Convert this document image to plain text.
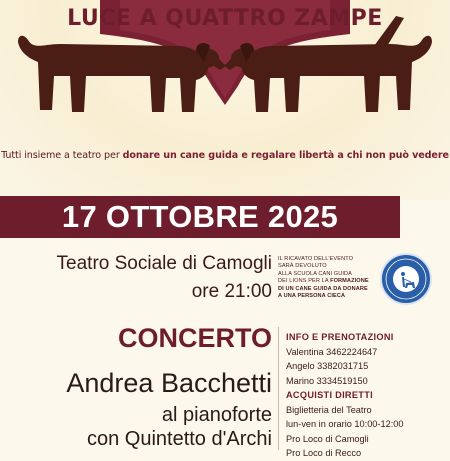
LUCE A QUATTRO ZAMPE
Tutti insieme a teatro per donare un cane guida e regalare libertà a chi non può vedere
17 OTTOBRE 2025
Teatro Sociale di Camogli
ore 21:00
IL RICAVATO DELL'EVENTO
SARÀ DEVOLUTO
ALLA SCUOLA CANI GUIDA
DEI LIONS PER LA FORMAZIONE
DI UN CANE GUIDA DA DONARE
A UNA PERSONA CIECA
CONCERTO INFO E PRENOTAZIONI
Valentina 3462224647
Angelo 3382031715
Marino 3334519150
ACQUISTI DIRETTI
Biglietteria del Teatro
lun-ven in orario 10:00-12:00
Pro Loco di Camogli
Pro Loco di Recco
Andrea Bacchetti
al pianoforte
con Quintetto d'Archi
